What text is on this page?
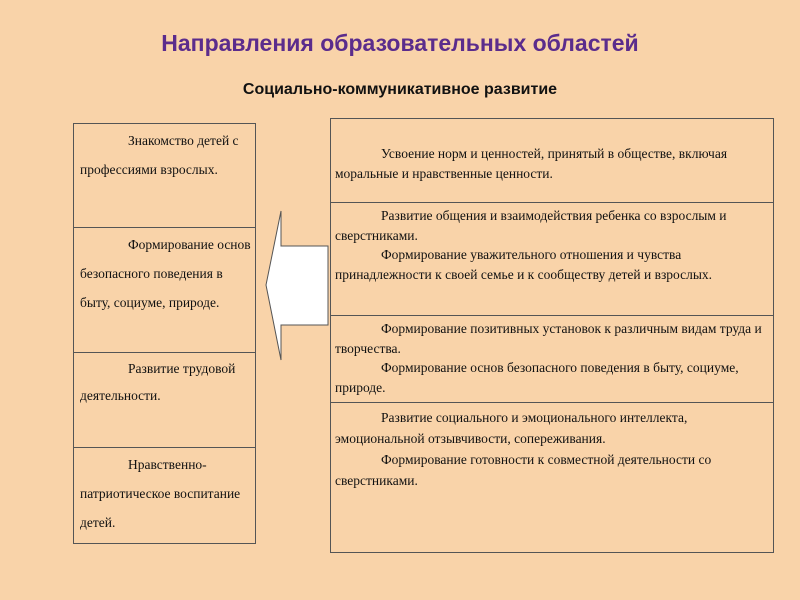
Направления образовательных областей
Социально-коммуникативное развитие
Знакомство детей с профессиями взрослых.
Формирование основ безопасного поведения в быту, социуме, природе.
Развитие трудовой деятельности.
Нравственно-патриотическое воспитание детей.

Усвоение норм и ценностей, принятый в обществе, включая моральные и нравственные ценности.

Развитие общения и взаимодействия ребенка со взрослым и сверстниками.

Формирование уважительного отношения и чувства принадлежности к своей семье и к сообществу детей и взрослых.

Формирование позитивных установок к различным видам труда и творчества.

Формирование основ безопасного поведения в быту, социуме, природе.

Развитие социального и эмоционального интеллекта, эмоциональной отзывчивости, сопереживания.

Формирование готовности к совместной деятельности со сверстниками.
